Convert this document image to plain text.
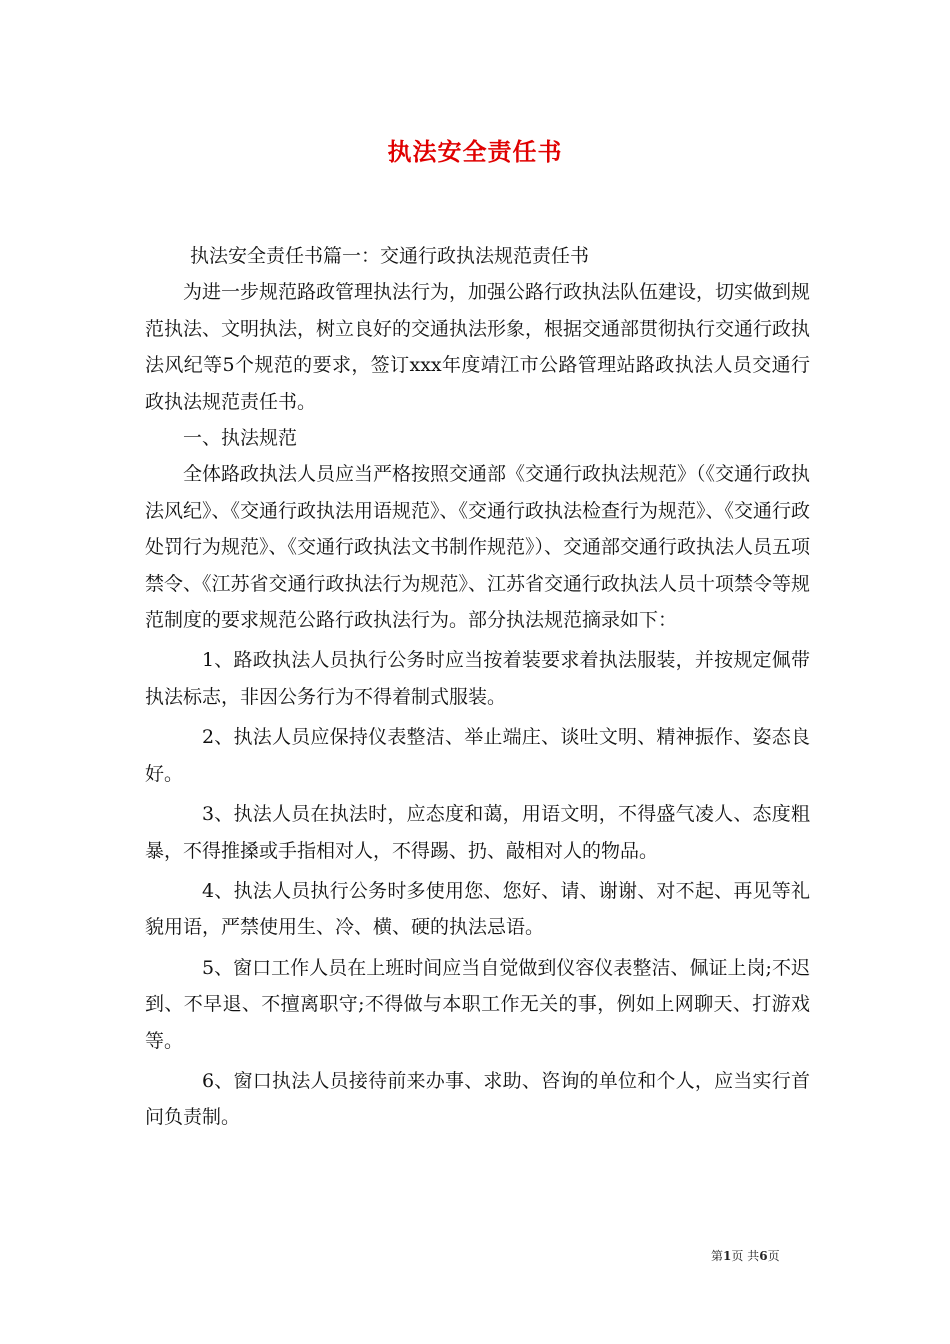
执法安全责任书

执法安全责任书篇一：交通行政执法规范责任书

为进一步规范路政管理执法行为，加强公路行政执法队伍建设，切实做到规范执法、文明执法，树立良好的交通执法形象，根据交通部贯彻执行交通行政执法风纪等5个规范的要求，签订xxx年度靖江市公路管理站路政执法人员交通行政执法规范责任书。

一、执法规范

全体路政执法人员应当严格按照交通部《交通行政执法规范》（《交通行政执法风纪》、《交通行政执法用语规范》、《交通行政执法检查行为规范》、《交通行政处罚行为规范》、《交通行政执法文书制作规范》）、交通部交通行政执法人员五项禁令、《江苏省交通行政执法行为规范》、江苏省交通行政执法人员十项禁令等规范制度的要求规范公路行政执法行为。部分执法规范摘录如下：

1、路政执法人员执行公务时应当按着装要求着执法服装，并按规定佩带执法标志，非因公务行为不得着制式服装。

2、执法人员应保持仪表整洁、举止端庄、谈吐文明、精神振作、姿态良好。

3、执法人员在执法时，应态度和蔼，用语文明，不得盛气凌人、态度粗暴，不得推搡或手指相对人，不得踢、扔、敲相对人的物品。

4、执法人员执行公务时多使用您、您好、请、谢谢、对不起、再见等礼貌用语，严禁使用生、冷、横、硬的执法忌语。

5、窗口工作人员在上班时间应当自觉做到仪容仪表整洁、佩证上岗;不迟到、不早退、不擅离职守;不得做与本职工作无关的事，例如上网聊天、打游戏等。

6、窗口执法人员接待前来办事、求助、咨询的单位和个人，应当实行首问负责制。

第1页 共6页
